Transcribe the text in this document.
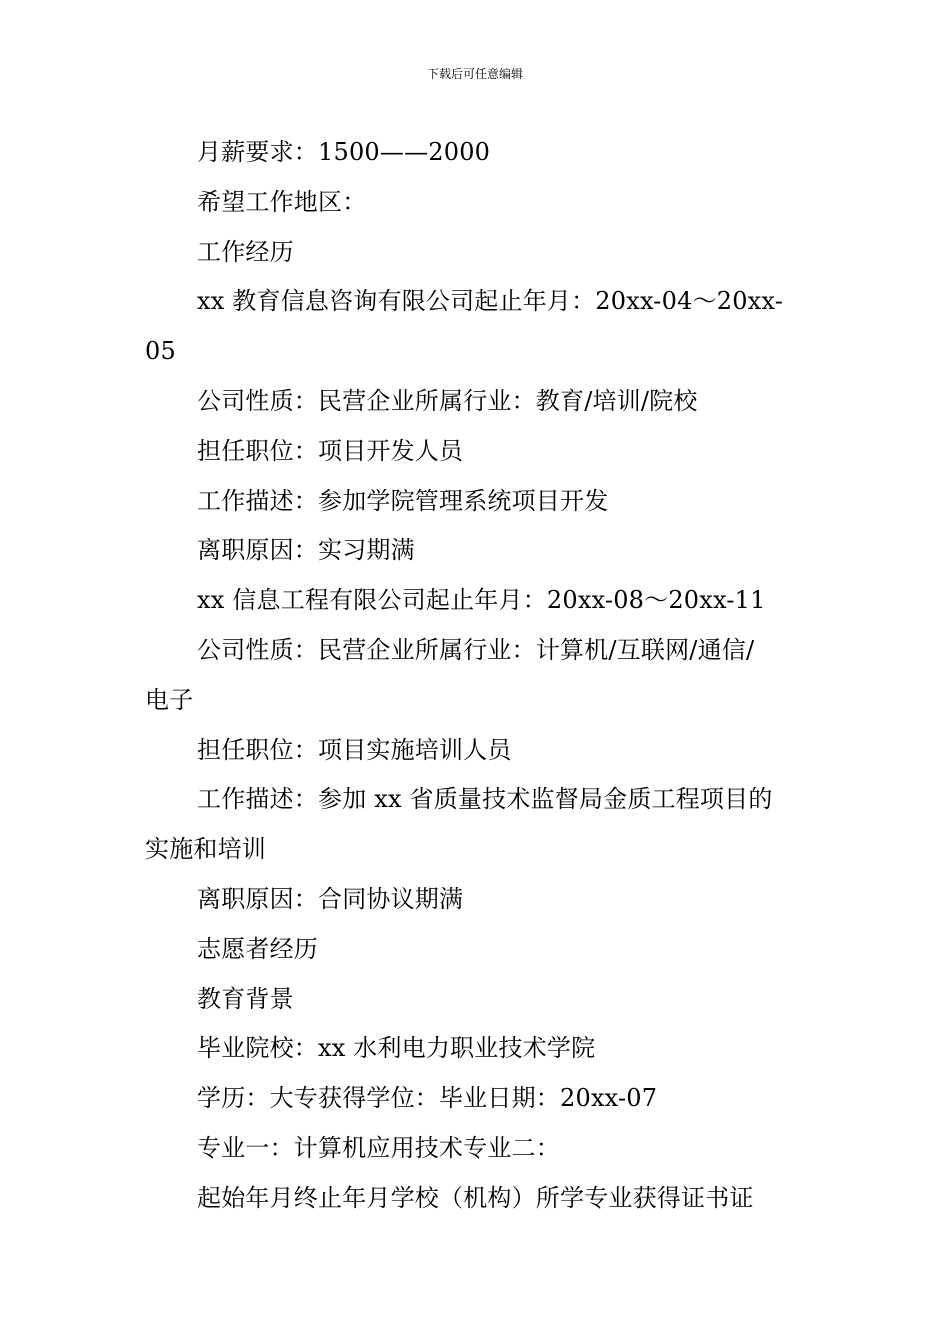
下载后可任意编辑
月薪要求：1500——2000
希望工作地区：
工作经历
xx 教育信息咨询有限公司起止年月：20xx-04～20xx-
05
公司性质：民营企业所属行业：教育/培训/院校
担任职位：项目开发人员
工作描述：参加学院管理系统项目开发
离职原因：实习期满
xx 信息工程有限公司起止年月：20xx-08～20xx-11
公司性质：民营企业所属行业：计算机/互联网/通信/
电子
担任职位：项目实施培训人员
工作描述：参加 xx 省质量技术监督局金质工程项目的
实施和培训
离职原因：合同协议期满
志愿者经历
教育背景
毕业院校：xx 水利电力职业技术学院
学历：大专获得学位：毕业日期：20xx-07
专业一：计算机应用技术专业二：
起始年月终止年月学校（机构）所学专业获得证书证
